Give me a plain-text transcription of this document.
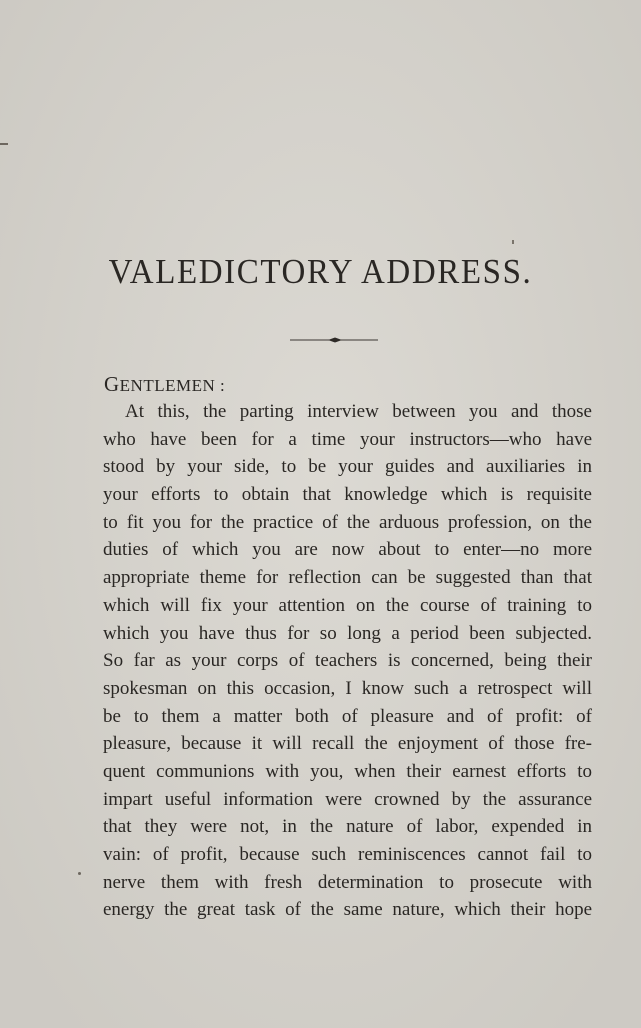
VALEDICTORY ADDRESS.
GENTLEMEN :
At this, the parting interview between you and those
who have been for a time your instructors—who have
stood by your side, to be your guides and auxiliaries in
your efforts to obtain that knowledge which is requisite
to fit you for the practice of the arduous profession, on the
duties of which you are now about to enter—no more
appropriate theme for reflection can be suggested than that
which will fix your attention on the course of training to
which you have thus for so long a period been subjected.
So far as your corps of teachers is concerned, being their
spokesman on this occasion, I know such a retrospect will
be to them a matter both of pleasure and of profit: of
pleasure, because it will recall the enjoyment of those fre-
quent communions with you, when their earnest efforts to
impart useful information were crowned by the assurance
that they were not, in the nature of labor, expended in
vain: of profit, because such reminiscences cannot fail to
nerve them with fresh determination to prosecute with
energy the great task of the same nature, which their hope
